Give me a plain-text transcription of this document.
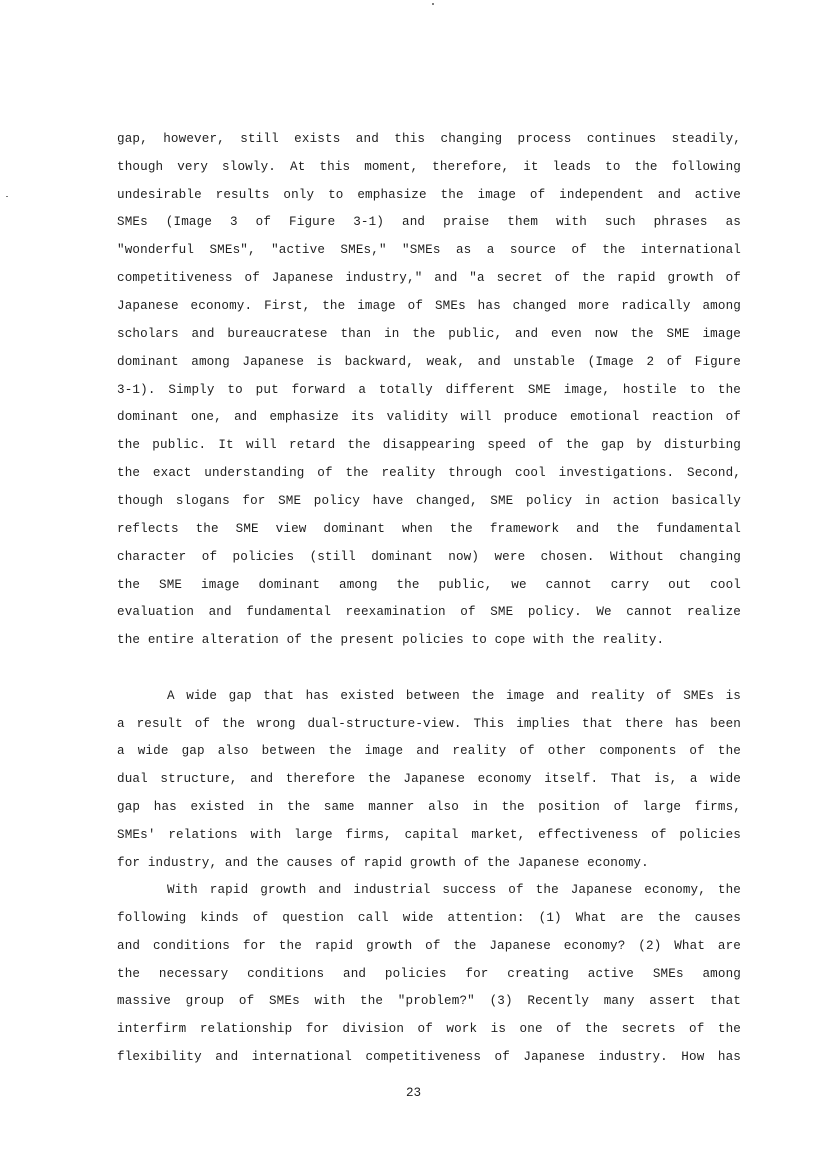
gap, however, still exists and this changing process continues steadily,
though very slowly. At this moment, therefore, it leads to the following
undesirable results only to emphasize the image of independent and active
SMEs (Image 3 of Figure 3-1) and praise them with such phrases as
"wonderful SMEs", "active SMEs," "SMEs as a source of the international
competitiveness of Japanese industry," and "a secret of the rapid growth of
Japanese economy. First, the image of SMEs has changed more radically among
scholars and bureaucratese than in the public, and even now the SME image
dominant among Japanese is backward, weak, and unstable (Image 2 of Figure
3-1). Simply to put forward a totally different SME image, hostile to the
dominant one, and emphasize its validity will produce emotional reaction of
the public. It will retard the disappearing speed of the gap by disturbing
the exact understanding of the reality through cool investigations. Second,
though slogans for SME policy have changed, SME policy in action basically
reflects the SME view dominant when the framework and the fundamental
character of policies (still dominant now) were chosen. Without changing
the SME image dominant among the public, we cannot carry out cool
evaluation and fundamental reexamination of SME policy. We cannot realize
the entire alteration of the present policies to cope with the reality.
A wide gap that has existed between the image and reality of SMEs is
a result of the wrong dual-structure-view. This implies that there has been
a wide gap also between the image and reality of other components of the
dual structure, and therefore the Japanese economy itself. That is, a wide
gap has existed in the same manner also in the position of large firms,
SMEs' relations with large firms, capital market, effectiveness of policies
for industry, and the causes of rapid growth of the Japanese economy.
With rapid growth and industrial success of the Japanese economy, the
following kinds of question call wide attention: (1) What are the causes
and conditions for the rapid growth of the Japanese economy? (2) What are
the necessary conditions and policies for creating active SMEs among
massive group of SMEs with the "problem?" (3) Recently many assert that
interfirm relationship for division of work is one of the secrets of the
flexibility and international competitiveness of Japanese industry. How has
23
